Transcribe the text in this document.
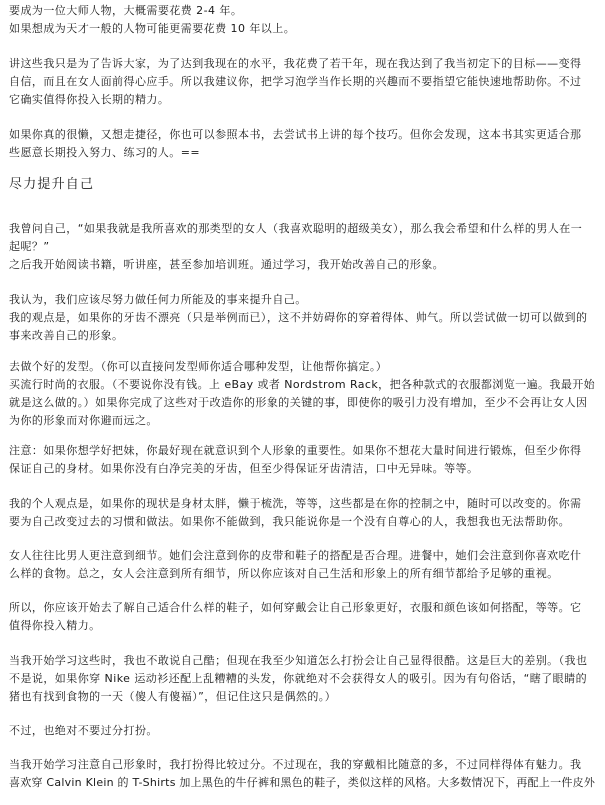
要成为一位大师人物，大概需要花费 2-4 年。
如果想成为天才一般的人物可能更需要花费 10 年以上。
讲这些我只是为了告诉大家，为了达到我现在的水平，我花费了若干年，现在我达到了我当初定下的目标——变得
自信，而且在女人面前得心应手。所以我建议你，把学习泡学当作长期的兴趣而不要指望它能快速地帮助你。不过
它确实值得你投入长期的精力。
如果你真的很懒，又想走捷径，你也可以参照本书，去尝试书上讲的每个技巧。但你会发现，这本书其实更适合那
些愿意长期投入努力、练习的人。==
尽力提升自己
我曾问自己，“如果我就是我所喜欢的那类型的女人（我喜欢聪明的超级美女），那么我会希望和什么样的男人在一
起呢？”
之后我开始阅读书籍，听讲座，甚至参加培训班。通过学习，我开始改善自己的形象。
我认为，我们应该尽努力做任何力所能及的事来提升自己。
我的观点是，如果你的牙齿不漂亮（只是举例而已），这不并妨碍你的穿着得体、帅气。所以尝试做一切可以做到的
事来改善自己的形象。
去做个好的发型。（你可以直接问发型师你适合哪种发型，让他帮你搞定。）
买流行时尚的衣服。（不要说你没有钱。上 eBay 或者 Nordstrom Rack，把各种款式的衣服都浏览一遍。我最开始
就是这么做的。）如果你完成了这些对于改造你的形象的关键的事，即使你的吸引力没有增加，至少不会再让女人因
为你的形象而对你避而远之。
注意：如果你想学好把妹，你最好现在就意识到个人形象的重要性。如果你不想花大量时间进行锻炼，但至少你得
保证自己的身材。如果你没有白净完美的牙齿，但至少得保证牙齿清洁，口中无异味。等等。
我的个人观点是，如果你的现状是身材太胖，懒于梳洗，等等，这些都是在你的控制之中，随时可以改变的。你需
要为自己改变过去的习惯和做法。如果你不能做到，我只能说你是一个没有自尊心的人，我想我也无法帮助你。
女人往往比男人更注意到细节。她们会注意到你的皮带和鞋子的搭配是否合理。进餐中，她们会注意到你喜欢吃什
么样的食物。总之，女人会注意到所有细节，所以你应该对自己生活和形象上的所有细节都给予足够的重视。
所以，你应该开始去了解自己适合什么样的鞋子，如何穿戴会让自己形象更好，衣服和颜色该如何搭配，等等。它
值得你投入精力。
当我开始学习这些时，我也不敢说自己酷；但现在我至少知道怎么打扮会让自己显得很酷。这是巨大的差别。（我也
不是说，如果你穿 Nike 运动衫还配上乱糟糟的头发，你就绝对不会获得女人的吸引。因为有句俗话，“瞎了眼睛的
猪也有找到食物的一天（傻人有傻福）”，但记住这只是偶然的。）
不过，也绝对不要过分打扮。
当我开始学习注意自己形象时，我打扮得比较过分。不过现在，我的穿戴相比随意的多，不过同样得体有魅力。我
喜欢穿 Calvin Klein 的 T-Shirts 加上黑色的牛仔裤和黑色的鞋子，类似这样的风格。大多数情况下，再配上一件皮外
